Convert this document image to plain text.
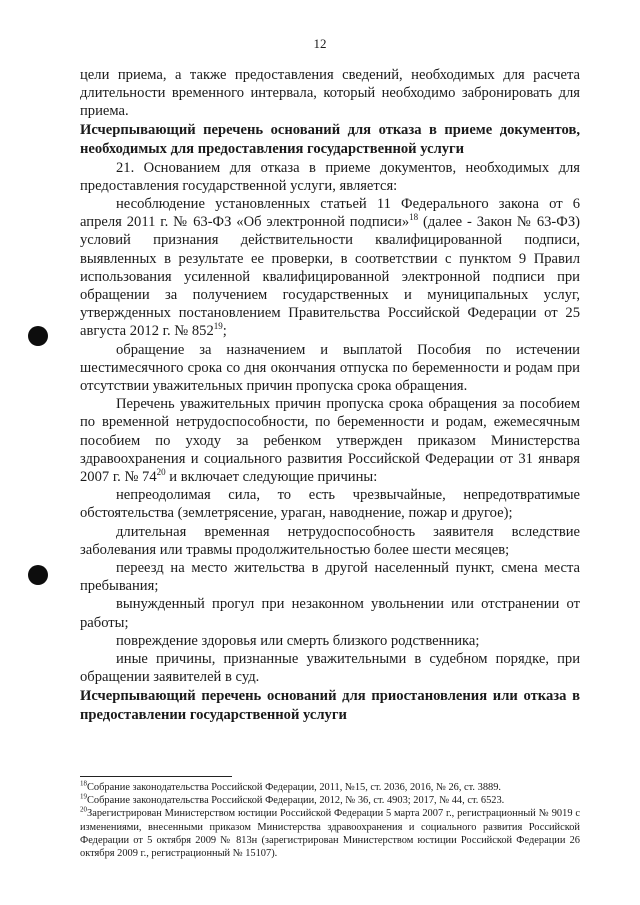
12

цели приема, а также предоставления сведений, необходимых для расчета длительности временного интервала, который необходимо забронировать для приема.

Исчерпывающий перечень оснований для отказа в приеме документов, необходимых для предоставления государственной услуги

21. Основанием для отказа в приеме документов, необходимых для предоставления государственной услуги, является:

несоблюдение установленных статьей 11 Федерального закона от 6 апреля 2011 г. № 63-ФЗ «Об электронной подписи»$^{18}$ (далее - Закон № 63-ФЗ) условий признания действительности квалифицированной подписи, выявленных в результате ее проверки, в соответствии с пунктом 9 Правил использования усиленной квалифицированной электронной подписи при обращении за получением государственных и муниципальных услуг, утвержденных постановлением Правительства Российской Федерации от 25 августа 2012 г. № $852^{19}$;

обращение за назначением и выплатой Пособия по истечении шестимесячного срока со дня окончания отпуска по беременности и родам при отсутствии уважительных причин пропуска срока обращения.

Перечень уважительных причин пропуска срока обращения за пособием по временной нетрудоспособности, по беременности и родам, ежемесячным пособием по уходу за ребенком утвержден приказом Министерства здравоохранения и социального развития Российской Федерации от 31 января 2007 г. № $74^{20}$ и включает следующие причины:

непреодолимая сила, то есть чрезвычайные, непредотвратимые обстоятельства (землетрясение, ураган, наводнение, пожар и другое);

длительная временная нетрудоспособность заявителя вследствие заболевания или травмы продолжительностью более шести месяцев;

переезд на место жительства в другой населенный пункт, смена места пребывания;

вынужденный прогул при незаконном увольнении или отстранении от работы;

повреждение здоровья или смерть близкого родственника;

иные причины, признанные уважительными в судебном порядке, при обращении заявителей в суд.

Исчерпывающий перечень оснований для приостановления или отказа в предоставлении государственной услуги

$^{18}$Собрание законодательства Российской Федерации, 2011, №15, ст. 2036, 2016, № 26, ст. 3889.

$^{19}$Собрание законодательства Российской Федерации, 2012, № 36, ст. 4903; 2017, № 44, ст. 6523.

$^{20}$Зарегистрирован Министерством юстиции Российской Федерации 5 марта 2007 г., регистрационный № 9019 с изменениями, внесенными приказом Министерства здравоохранения и социального развития Российской Федерации от 5 октября 2009 № 813н (зарегистрирован Министерством юстиции Российской Федерации 26 октября 2009 г., регистрационный № 15107).
